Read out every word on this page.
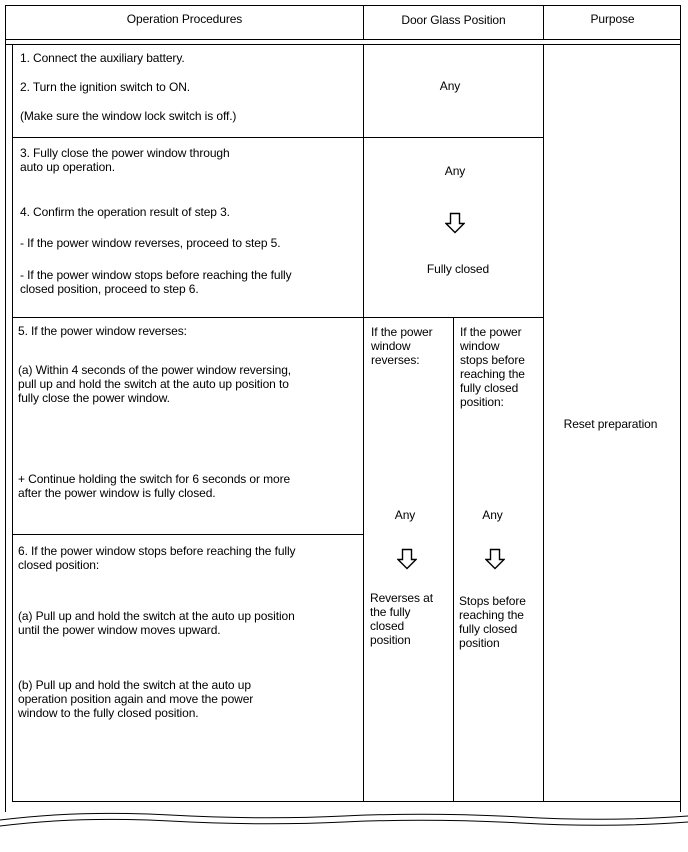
Operation Procedures	Door Glass Position	Purpose
1. Connect the auxiliary battery.
2. Turn the ignition switch to ON.
(Make sure the window lock switch is off.)
Any
3. Fully close the power window through
auto up operation.
4. Confirm the operation result of step 3.
- If the power window reverses, proceed to step 5.
- If the power window stops before reaching the fully
closed position, proceed to step 6.
Any
Fully closed
5. If the power window reverses:
(a) Within 4 seconds of the power window reversing,
pull up and hold the switch at the auto up position to
fully close the power window.
+ Continue holding the switch for 6 seconds or more
after the power window is fully closed.
6. If the power window stops before reaching the fully
closed position:
(a) Pull up and hold the switch at the auto up position
until the power window moves upward.
(b) Pull up and hold the switch at the auto up
operation position again and move the power
window to the fully closed position.
If the power
window
reverses:
Any
Reverses at
the fully
closed
position
If the power
window
stops before
reaching the
fully closed
position:
Any
Stops before
reaching the
fully closed
position
Reset preparation
